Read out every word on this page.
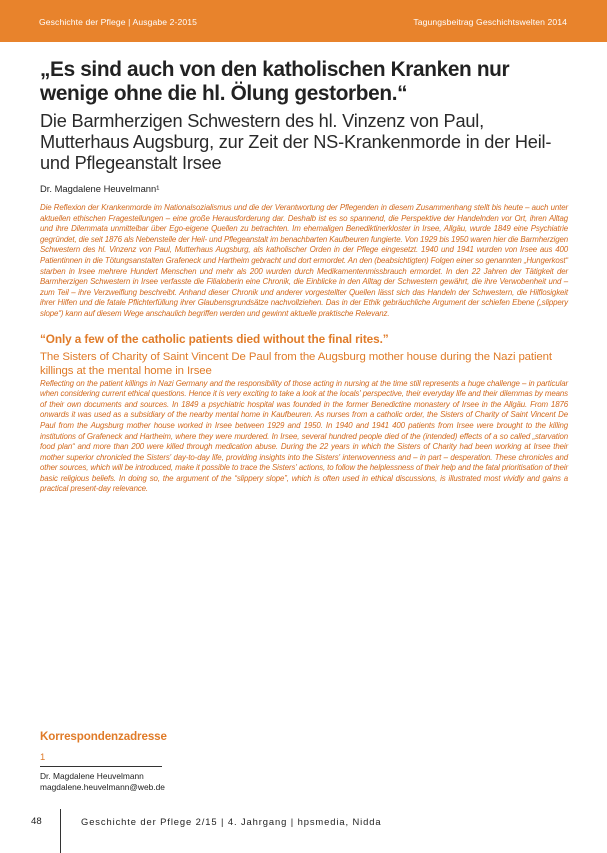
Geschichte der Pflege | Ausgabe 2-2015	Tagungsbeitrag Geschichtswelten 2014
„Es sind auch von den katholischen Kranken nur wenige ohne die hl. Ölung gestorben.“
Die Barmherzigen Schwestern des hl. Vinzenz von Paul, Mutterhaus Augsburg, zur Zeit der NS-Krankenmorde in der Heil- und Pflegeanstalt Irsee
Dr. Magdalene Heuvelmann¹

Die Reflexion der Krankenmorde im Nationalsozialismus und die der Verantwortung der Pflegenden in diesem Zusammenhang stellt bis heute – auch unter aktuellen ethischen Fragestellungen – eine große Herausforderung dar. Deshalb ist es so spannend, die Perspektive der Handelnden vor Ort, ihren Alltag und ihre Dilemmata unmittelbar über Ego-eigene Quellen zu betrachten. Im ehemaligen Benediktinerkloster in Irsee, Allgäu, wurde 1849 eine Psychiatrie gegründet, die seit 1876 als Nebenstelle der Heil- und Pflegeanstalt im benachbarten Kaufbeuren fungierte. Von 1929 bis 1950 waren hier die Barmherzigen Schwestern des hl. Vinzenz von Paul, Mutterhaus Augsburg, als katholischer Orden in der Pflege eingesetzt. 1940 und 1941 wurden von Irsee aus 400 Patientinnen in die Tötungsanstalten Grafeneck und Hartheim gebracht und dort ermordet. An den (beabsichtigten) Folgen einer so genannten „Hungerkost“ starben in Irsee mehrere Hundert Menschen und mehr als 200 wurden durch Medikamentenmissbrauch ermordet. In den 22 Jahren der Tätigkeit der Barmherzigen Schwestern in Irsee verfasste die Filialoberin eine Chronik, die Einblicke in den Alltag der Schwestern gewährt, die ihre Verwobenheit und – zum Teil – ihre Verzweiflung beschreibt. Anhand dieser Chronik und anderer vorgestellter Quellen lässt sich das Handeln der Schwestern, die Hilflosigkeit ihrer Hilfen und die fatale Pflichterfüllung ihrer Glaubensgrundsätze nachvollziehen. Das in der Ethik gebräuchliche Argument der schiefen Ebene („slippery slope“) kann auf diesem Wege anschaulich begriffen werden und gewinnt aktuelle praktische Relevanz.

“Only a few of the catholic patients died without the final rites.”
The Sisters of Charity of Saint Vincent De Paul from the Augsburg mother house during the Nazi patient killings at the mental home in Irsee

Reflecting on the patient killings in Nazi Germany and the responsibility of those acting in nursing at the time still represents a huge challenge – in particular when considering current ethical questions. Hence it is very exciting to take a look at the locals' perspective, their everyday life and their dilemmas by means of their own documents and sources. In 1849 a psychiatric hospital was founded in the former Benedictine monastery of Irsee in the Allgäu. From 1876 onwards it was used as a subsidiary of the nearby mental home in Kaufbeuren. As nurses from a catholic order, the Sisters of Charity of Saint Vincent De Paul from the Augsburg mother house worked in Irsee between 1929 and 1950. In 1940 and 1941 400 patients from Irsee were brought to the killing institutions of Grafeneck and Hartheim, where they were murdered. In Irsee, several hundred people died of the (intended) effects of a so called „starvation food plan“ and more than 200 were killed through medication abuse. During the 22 years in which the Sisters of Charity had been working at Irsee their mother superior chronicled the Sisters' day-to-day life, providing insights into the Sisters' interwovenness and – in part – desperation. These chronicles and other sources, which will be introduced, make it possible to trace the Sisters' actions, to follow the helplessness of their help and the fatal prioritisation of their basic religious beliefs. In doing so, the argument of the “slippery slope”, which is often used in ethical discussions, is illustrated most vividly and gains a practical present-day relevance.

Korrespondenzadresse
1
Dr. Magdalene Heuvelmann
magdalene.heuvelmann@web.de
48	Geschichte der Pflege 2/15 | 4. Jahrgang | hpsmedia, Nidda
